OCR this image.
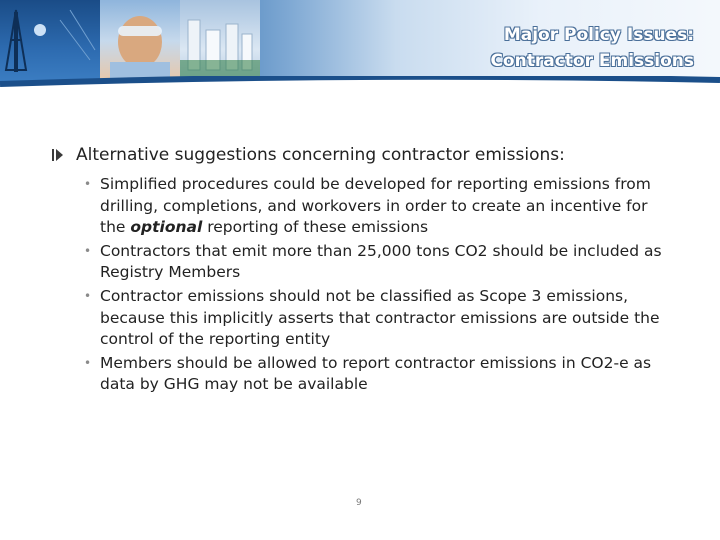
Major Policy Issues:
Contractor Emissions
Alternative suggestions concerning contractor emissions:
• Simplified procedures could be developed for reporting emissions from drilling, completions, and workovers in order to create an incentive for the optional reporting of these emissions
• Contractors that emit more than 25,000 tons CO2 should be included as Registry Members
• Contractor emissions should not be classified as Scope 3 emissions, because this implicitly asserts that contractor emissions are outside the control of the reporting entity
• Members should be allowed to report contractor emissions in CO2-e as data by GHG may not be available
9
